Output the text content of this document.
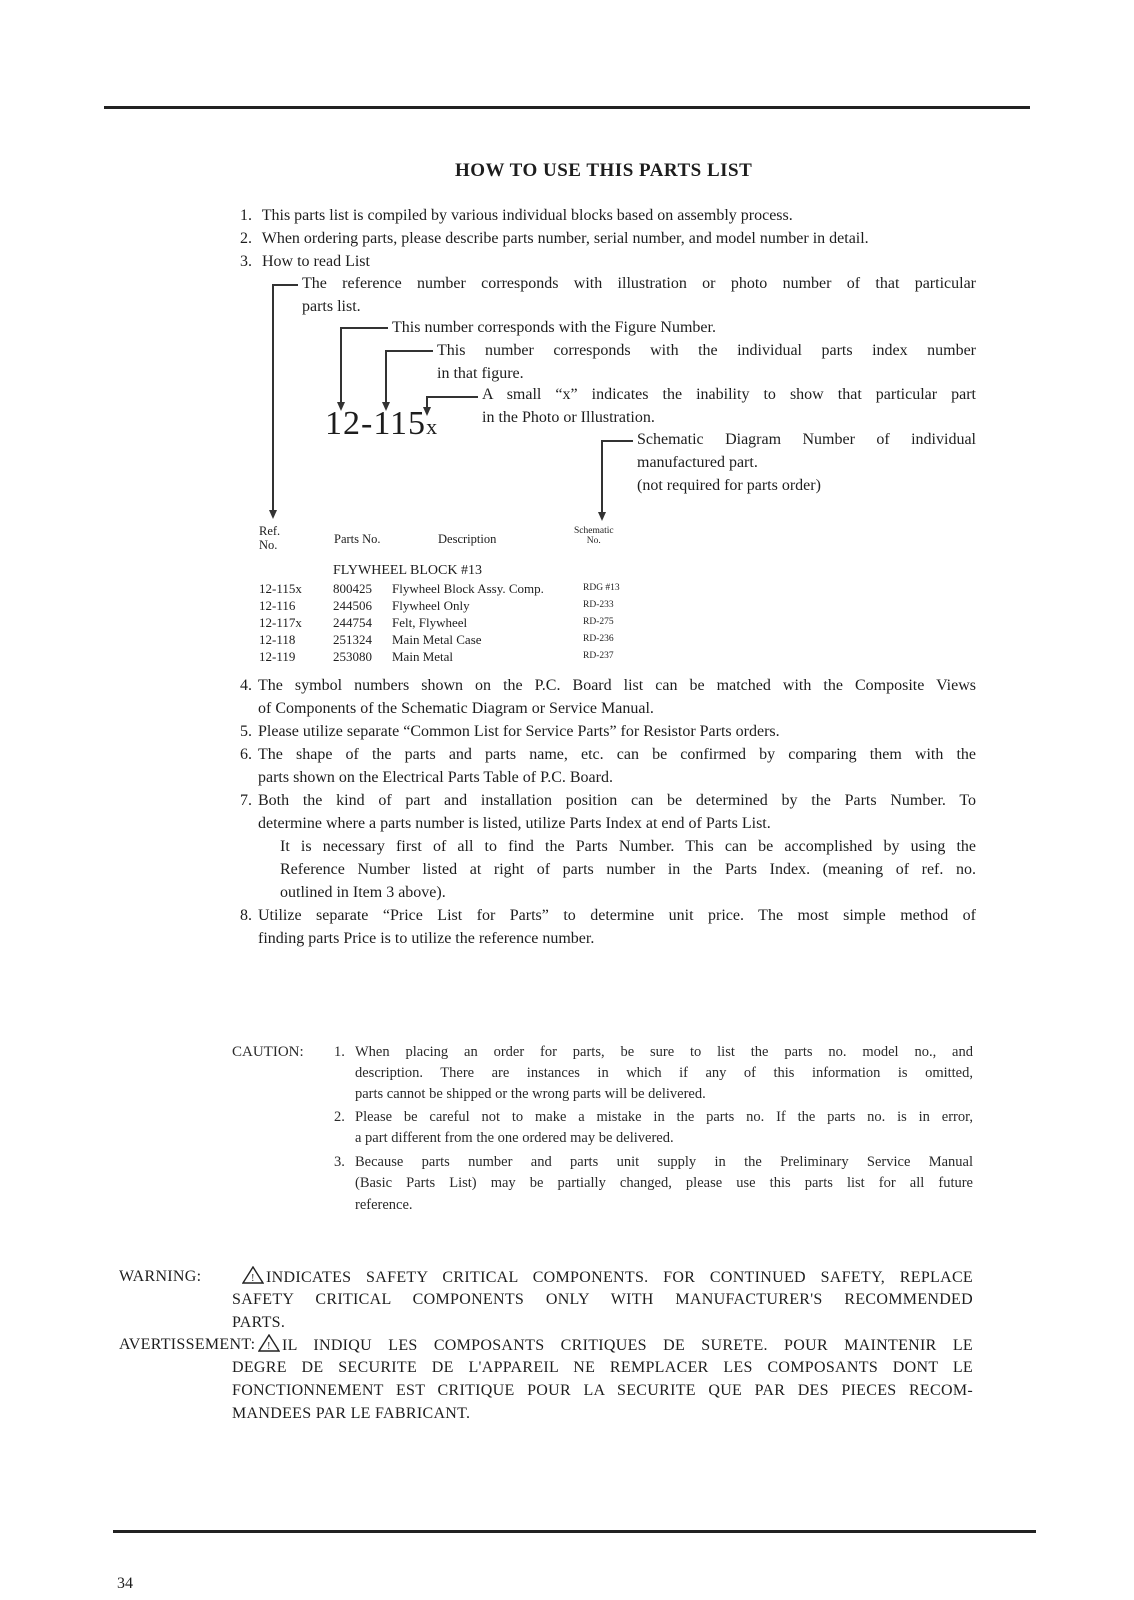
HOW TO USE THIS PARTS LIST
1. This parts list is compiled by various individual blocks based on assembly process.
2. When ordering parts, please describe parts number, serial number, and model number in detail.
3. How to read List
The reference number corresponds with illustration or photo number of that particular
parts list.
This number corresponds with the Figure Number.
This number corresponds with the individual parts index number
in that figure.
A small “x” indicates the inability to show that particular part
in the Photo or Illustration.
12-115x
Schematic Diagram Number of individual
manufactured part.
(not required for parts order)
Ref.
No.	Parts No.	Description
Schematic
No.
FLYWHEEL BLOCK #13
12-115x 800425 Flywheel Block Assy. Comp.	RDG #13
12-116	244506 Flywheel Only	RD-233
12-117x 244754 Felt, Flywheel	RD-275
12-118	251324 Main Metal Case	RD-236
12-119	253080 Main Metal	RD-237
4. The symbol numbers shown on the P.C. Board list can be matched with the Composite Views
of Components of the Schematic Diagram or Service Manual.
5. Please utilize separate “Common List for Service Parts” for Resistor Parts orders.
6. The shape of the parts and parts name, etc. can be confirmed by comparing them with the
parts shown on the Electrical Parts Table of P.C. Board.
7. Both the kind of part and installation position can be determined by the Parts Number. To
determine where a parts number is listed, utilize Parts Index at end of Parts List.
It is necessary first of all to find the Parts Number. This can be accomplished by using the
Reference Number listed at right of parts number in the Parts Index. (meaning of ref. no.
outlined in Item 3 above).
8. Utilize separate “Price List for Parts” to determine unit price. The most simple method of
finding parts Price is to utilize the reference number.
CAUTION: 1. When placing an order for parts, be sure to list the parts no. model no., and
description. There are instances in which if any of this information is omitted,
parts cannot be shipped or the wrong parts will be delivered.
2. Please be careful not to make a mistake in the parts no. If the parts no. is in error,
a part different from the one ordered may be delivered.
3. Because parts number and parts unit supply in the Preliminary Service Manual
(Basic Parts List) may be partially changed, please use this parts list for all future
reference.
WARNING:	! INDICATES SAFETY CRITICAL COMPONENTS. FOR CONTINUED SAFETY, REPLACE
SAFETY CRITICAL COMPONENTS ONLY WITH MANUFACTURER'S RECOMMENDED
PARTS.
AVERTISSEMENT: ! IL INDIQU LES COMPOSANTS CRITIQUES DE SURETE. POUR MAINTENIR LE
DEGRE DE SECURITE DE L'APPAREIL NE REMPLACER LES COMPOSANTS DONT LE
FONCTIONNEMENT EST CRITIQUE POUR LA SECURITE QUE PAR DES PIECES RECOM-
MANDEES PAR LE FABRICANT.
34
